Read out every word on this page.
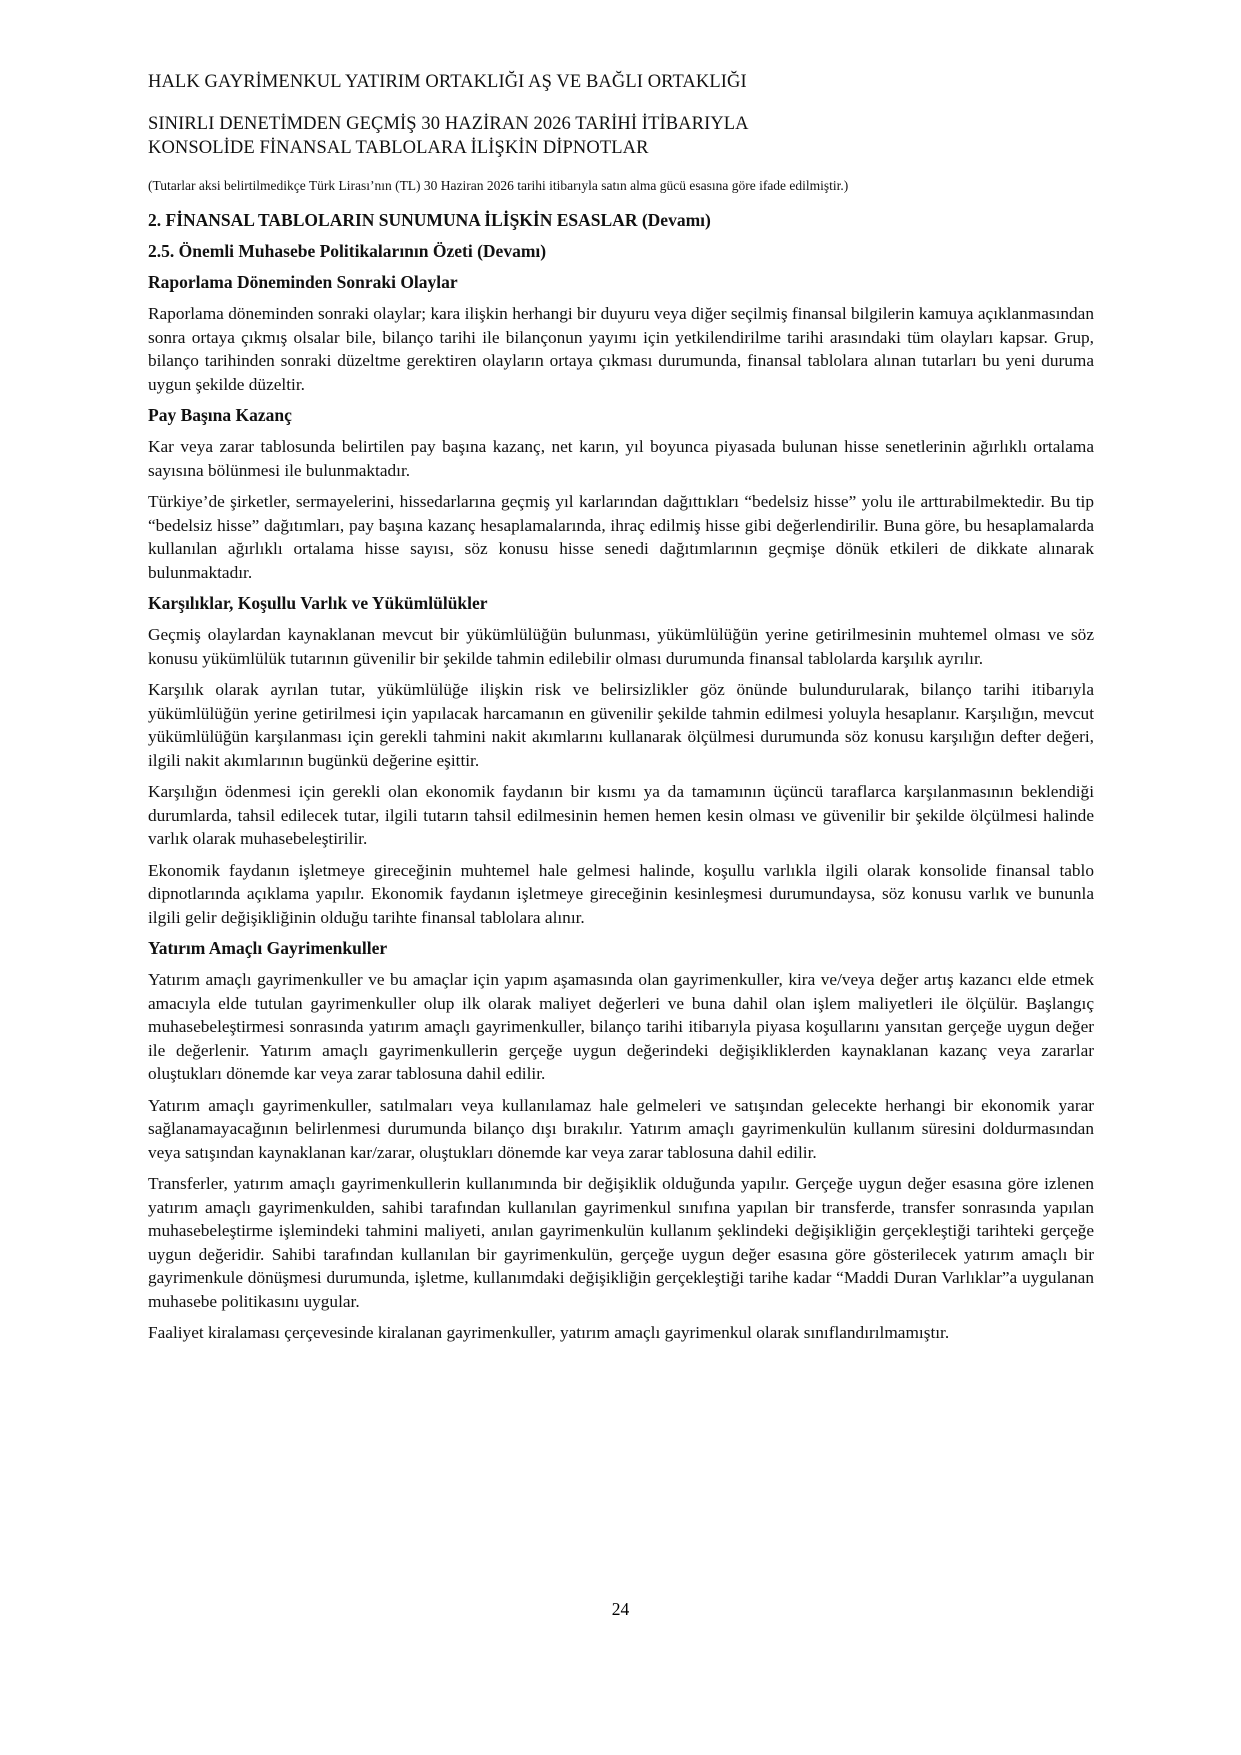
HALK GAYRİMENKUL YATIRIM ORTAKLIĞI AŞ VE BAĞLI ORTAKLIĞI

SINIRLI DENETİMDEN GEÇMİŞ 30 HAZİRAN 2026 TARİHİ İTİBARIYLA

KONSOLİDE FİNANSAL TABLOLARA İLİŞKİN DİPNOTLAR

(Tutarlar aksi belirtilmedikçe Türk Lirası’nın (TL) 30 Haziran 2026 tarihi itibarıyla satın alma gücü esasına göre ifade edilmiştir.)

2. FİNANSAL TABLOLARIN SUNUMUNA İLİŞKİN ESASLAR (Devamı)

2.5. Önemli Muhasebe Politikalarının Özeti (Devamı)

Raporlama Döneminden Sonraki Olaylar

Raporlama döneminden sonraki olaylar; kara ilişkin herhangi bir duyuru veya diğer seçilmiş finansal bilgilerin kamuya açıklanmasından sonra ortaya çıkmış olsalar bile, bilanço tarihi ile bilançonun yayımı için yetkilendirilme tarihi arasındaki tüm olayları kapsar. Grup, bilanço tarihinden sonraki düzeltme gerektiren olayların ortaya çıkması durumunda, finansal tablolara alınan tutarları bu yeni duruma uygun şekilde düzeltir.

Pay Başına Kazanç

Kar veya zarar tablosunda belirtilen pay başına kazanç, net karın, yıl boyunca piyasada bulunan hisse senetlerinin ağırlıklı ortalama sayısına bölünmesi ile bulunmaktadır.

Türkiye’de şirketler, sermayelerini, hissedarlarına geçmiş yıl karlarından dağıttıkları “bedelsiz hisse” yolu ile arttırabilmektedir. Bu tip “bedelsiz hisse” dağıtımları, pay başına kazanç hesaplamalarında, ihraç edilmiş hisse gibi değerlendirilir. Buna göre, bu hesaplamalarda kullanılan ağırlıklı ortalama hisse sayısı, söz konusu hisse senedi dağıtımlarının geçmişe dönük etkileri de dikkate alınarak bulunmaktadır.

Karşılıklar, Koşullu Varlık ve Yükümlülükler

Geçmiş olaylardan kaynaklanan mevcut bir yükümlülüğün bulunması, yükümlülüğün yerine getirilmesinin muhtemel olması ve söz konusu yükümlülük tutarının güvenilir bir şekilde tahmin edilebilir olması durumunda finansal tablolarda karşılık ayrılır.

Karşılık olarak ayrılan tutar, yükümlülüğe ilişkin risk ve belirsizlikler göz önünde bulundurularak, bilanço tarihi itibarıyla yükümlülüğün yerine getirilmesi için yapılacak harcamanın en güvenilir şekilde tahmin edilmesi yoluyla hesaplanır. Karşılığın, mevcut yükümlülüğün karşılanması için gerekli tahmini nakit akımlarını kullanarak ölçülmesi durumunda söz konusu karşılığın defter değeri, ilgili nakit akımlarının bugünkü değerine eşittir.

Karşılığın ödenmesi için gerekli olan ekonomik faydanın bir kısmı ya da tamamının üçüncü taraflarca karşılanmasının beklendiği durumlarda, tahsil edilecek tutar, ilgili tutarın tahsil edilmesinin hemen hemen kesin olması ve güvenilir bir şekilde ölçülmesi halinde varlık olarak muhasebeleştirilir.

Ekonomik faydanın işletmeye gireceğinin muhtemel hale gelmesi halinde, koşullu varlıkla ilgili olarak konsolide finansal tablo dipnotlarında açıklama yapılır. Ekonomik faydanın işletmeye gireceğinin kesinleşmesi durumundaysa, söz konusu varlık ve bununla ilgili gelir değişikliğinin olduğu tarihte finansal tablolara alınır.

Yatırım Amaçlı Gayrimenkuller

Yatırım amaçlı gayrimenkuller ve bu amaçlar için yapım aşamasında olan gayrimenkuller, kira ve/veya değer artış kazancı elde etmek amacıyla elde tutulan gayrimenkuller olup ilk olarak maliyet değerleri ve buna dahil olan işlem maliyetleri ile ölçülür. Başlangıç muhasebeleştirmesi sonrasında yatırım amaçlı gayrimenkuller, bilanço tarihi itibarıyla piyasa koşullarını yansıtan gerçeğe uygun değer ile değerlenir. Yatırım amaçlı gayrimenkullerin gerçeğe uygun değerindeki değişikliklerden kaynaklanan kazanç veya zararlar oluştukları dönemde kar veya zarar tablosuna dahil edilir.

Yatırım amaçlı gayrimenkuller, satılmaları veya kullanılamaz hale gelmeleri ve satışından gelecekte herhangi bir ekonomik yarar sağlanamayacağının belirlenmesi durumunda bilanço dışı bırakılır. Yatırım amaçlı gayrimenkulün kullanım süresini doldurmasından veya satışından kaynaklanan kar/zarar, oluştukları dönemde kar veya zarar tablosuna dahil edilir.

Transferler, yatırım amaçlı gayrimenkullerin kullanımında bir değişiklik olduğunda yapılır. Gerçeğe uygun değer esasına göre izlenen yatırım amaçlı gayrimenkulden, sahibi tarafından kullanılan gayrimenkul sınıfına yapılan bir transferde, transfer sonrasında yapılan muhasebeleştirme işlemindeki tahmini maliyeti, anılan gayrimenkulün kullanım şeklindeki değişikliğin gerçekleştiği tarihteki gerçeğe uygun değeridir. Sahibi tarafından kullanılan bir gayrimenkulün, gerçeğe uygun değer esasına göre gösterilecek yatırım amaçlı bir gayrimenkule dönüşmesi durumunda, işletme, kullanımdaki değişikliğin gerçekleştiği tarihe kadar “Maddi Duran Varlıklar”a uygulanan muhasebe politikasını uygular.

Faaliyet kiralaması çerçevesinde kiralanan gayrimenkuller, yatırım amaçlı gayrimenkul olarak sınıflandırılmamıştır.

24
